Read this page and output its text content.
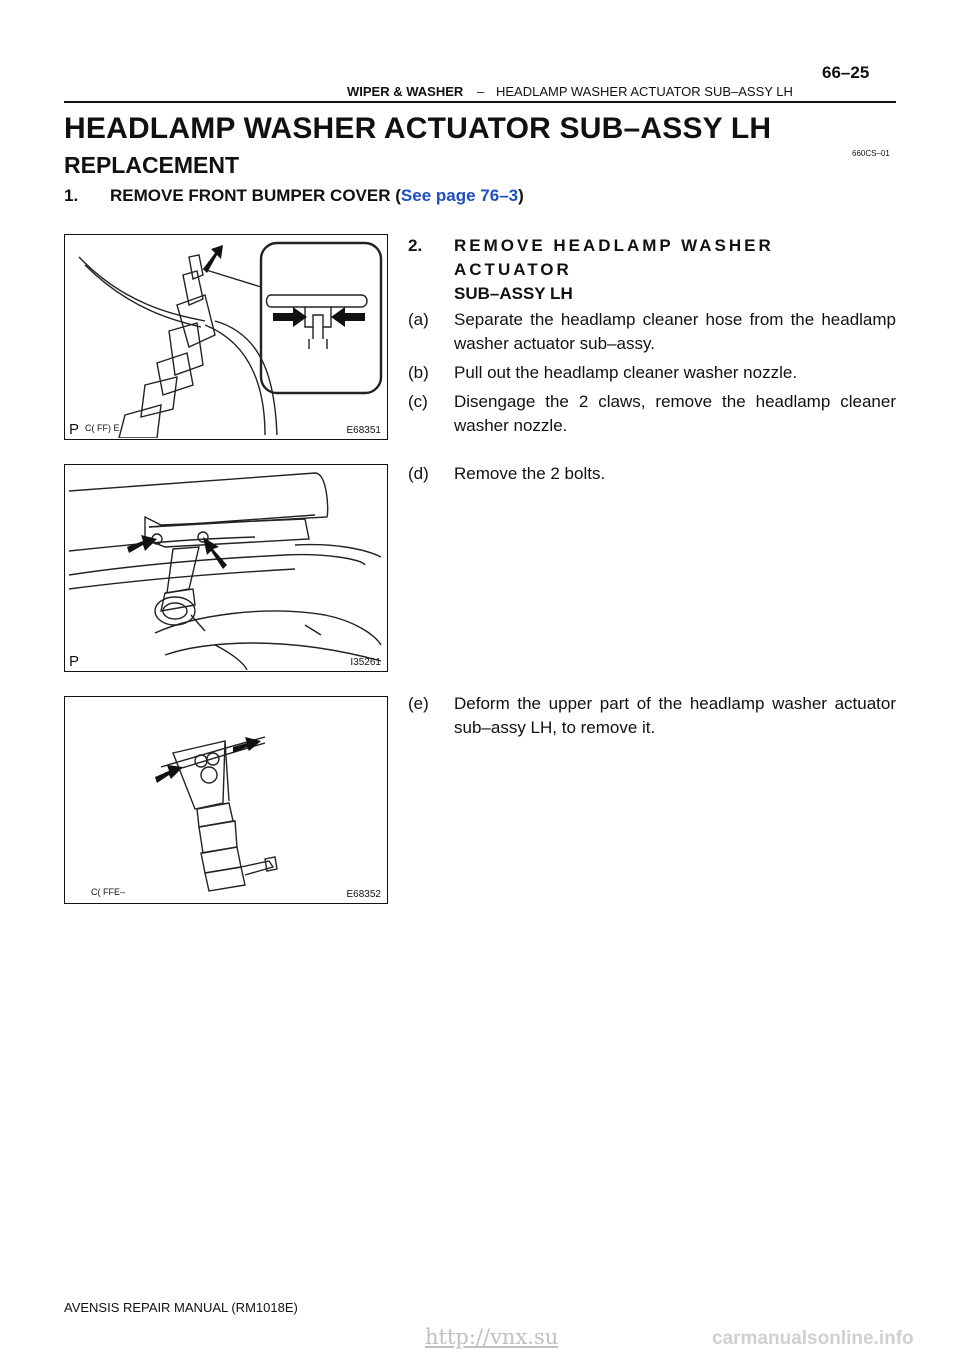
66–25
WIPER & WASHER – HEADLAMP WASHER ACTUATOR SUB–ASSY LH
HEADLAMP WASHER ACTUATOR SUB–ASSY LH
REPLACEMENT	660CS–01
1. REMOVE FRONT BUMPER COVER (See page 76–3)
P C( FF) E	E68351
P	I35261
C( FFE–	E68352
2.	REMOVE HEADLAMP WASHER ACTUATOR
SUB–ASSY LH
(a)	Separate the headlamp cleaner hose from the headlamp washer actuator sub–assy.
(b)	Pull out the headlamp cleaner washer nozzle.
(c)	Disengage the 2 claws, remove the headlamp cleaner washer nozzle.
(d)	Remove the 2 bolts.
(e)	Deform the upper part of the headlamp washer actuator sub–assy LH, to remove it.
AVENSIS REPAIR MANUAL (RM1018E)
http://vnx.su	carmanualsonline.info
